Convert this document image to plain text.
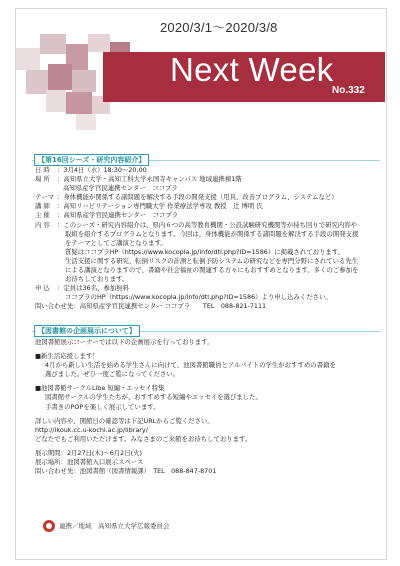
2020/3/1～2020/3/8
Next Week
No.332
【第16回シーズ・研究内容紹介】
日 時	：3月4日（水）18:30～20:00
場 所	：高知県立大学・高知工科大学永国寺キャンパス 地域連携棟1階
高知県産学官民連携センター　ココプラ
テーマ ：身体機能が関係する諸問題を解決する手段の開発支援（用具、改善プログラム、システムなど）
講 師	：高知リハビリテーション専門職大学 作業療法学専攻 教授　辻 博明 氏
主 催	：高知県産学官民連携センター　ココプラ
内 容	：このシーズ・研究内容紹介は、県内６つの高等教育機関・公設試験研究機関等が持ち回りで研究内容や
取組を紹介するプログラムとなります。今回は、身体機能が関係する諸問題を解決する手段の開発支援
をテーマとしてご講演となります。
質疑はココプラHP（https://www.kocopla.jp/info/dtl.php?ID=1586）に掲載されております。
生活支援に関する研究、転倒リスクの計測と転倒予防システムの研究などを専門分野にされている先生
による講演となりますので、書籍や社会福祉の関連する方々にもおすすめとなります。多くのご参加を
お待ちしております。
申 込	：定員は36名、参加無料
ココプラのHP（https://www.kocopla.jp/info/dtl.php?ID=1586）より申し込みください。
問い合わせ先：高知県産学官民連携センター ココプラ　　TEL　088-821-7111
【図書館の企画展示について】
池図書館展示コーナーでは以下の企画展示を行っております。
■新生活応援します！
4月から新しい生活を始める学生さんに向けて、池図書館職員とアルバイトの学生がおすすめの書籍を
選びました。ぜひ一度ご覧になってください。
■池図書館サークルLibe 短編・エッセイ特集
図書館サークルの学生たちが、おすすめする短編やエッセイを選びました。
手書きのPOPを楽しく展示しています。
詳しい内容や、開館日の確認等は下記URLからご覧ください。
http://ikouk.cc.u-kochi.ac.jp/library/
どなたでもご利用いただけます。みなさまのご来館をお待ちしております。
展示期間：2月27日(木)～6月2日(火)
展示場所：池図書館入口展示スペース
問い合わせ先：池図書館（図書情報課）　TEL　088-847-8701
連携／地域　高知県立大学広報委員会
